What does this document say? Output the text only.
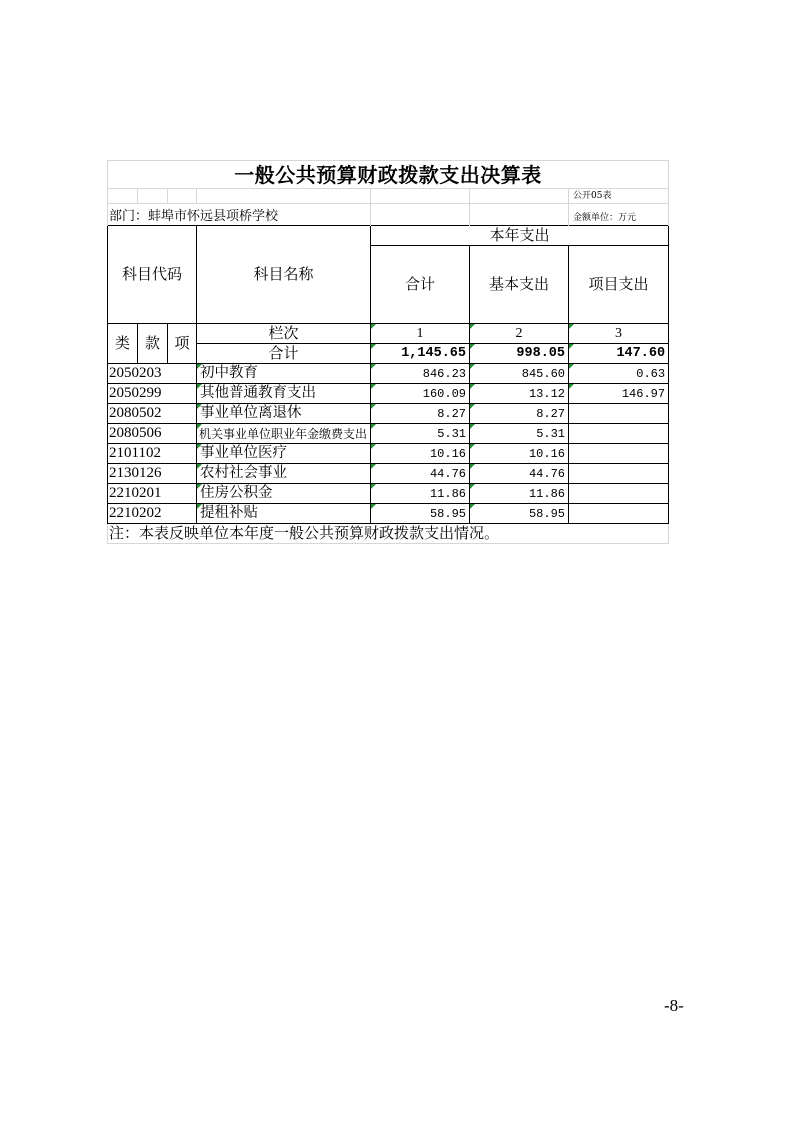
一般公共预算财政拨款支出决算表						
						公开05表
部门：蚌埠市怀远县项桥学校						金额单位：万元
科目代码			科目名称	本年支出		
				合计	基本支出	项目支出
类	款	项	栏次	1	2	3
			合计	1,145.65	998.05	147.60
2050203			初中教育	846.23	845.60	0.63
2050299			其他普通教育支出	160.09	13.12	146.97
2080502			事业单位离退休	8.27	8.27	
2080506			机关事业单位职业年金缴费支出	5.31	5.31	
2101102			事业单位医疗	10.16	10.16	
2130126			农村社会事业	44.76	44.76	
2210201			住房公积金	11.86	11.86	
2210202			提租补贴	58.95	58.95	
注：本表反映单位本年度一般公共预算财政拨款支出情况。						
-8-
